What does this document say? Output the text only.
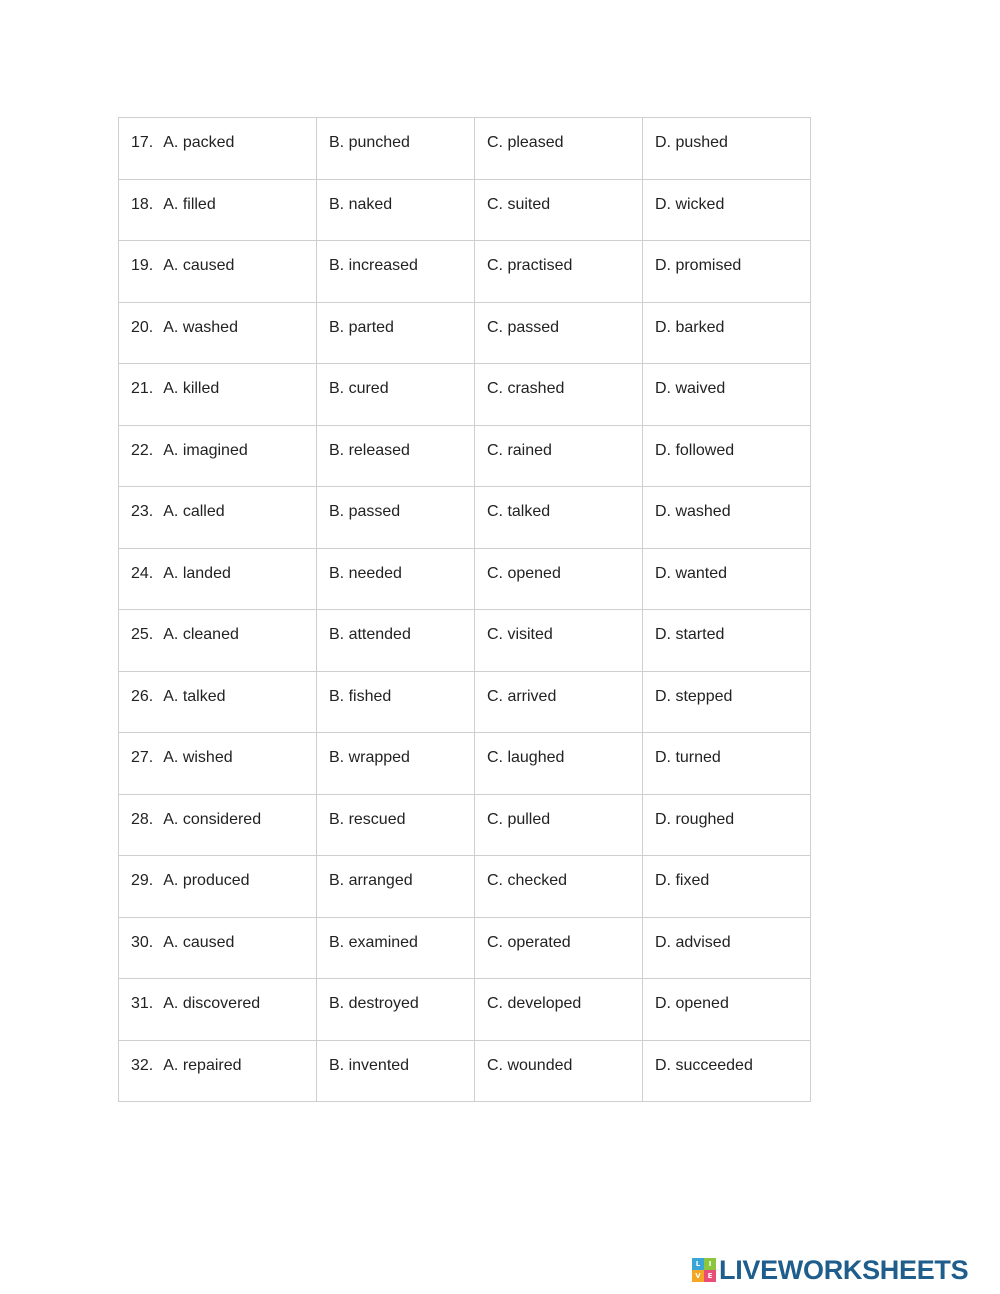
17. A. packed	B. punched	C. pleased	D. pushed
18. A. filled	B. naked	C. suited	D. wicked
19. A. caused	B. increased	C. practised	D. promised
20. A. washed	B. parted	C. passed	D. barked
21. A. killed	B. cured	C. crashed	D. waived
22. A. imagined	B. released	C. rained	D. followed
23. A. called	B. passed	C. talked	D. washed
24. A. landed	B. needed	C. opened	D. wanted
25. A. cleaned	B. attended	C. visited	D. started
26. A. talked	B. fished	C. arrived	D. stepped
27. A. wished	B. wrapped	C. laughed	D. turned
28. A. considered	B. rescued	C. pulled	D. roughed
29. A. produced	B. arranged	C. checked	D. fixed
30. A. caused	B. examined	C. operated	D. advised
31. A. discovered	B. destroyed	C. developed	D. opened
32. A. repaired	B. invented	C. wounded	D. succeeded
L	I
V E LIVEWORKSHEETS
